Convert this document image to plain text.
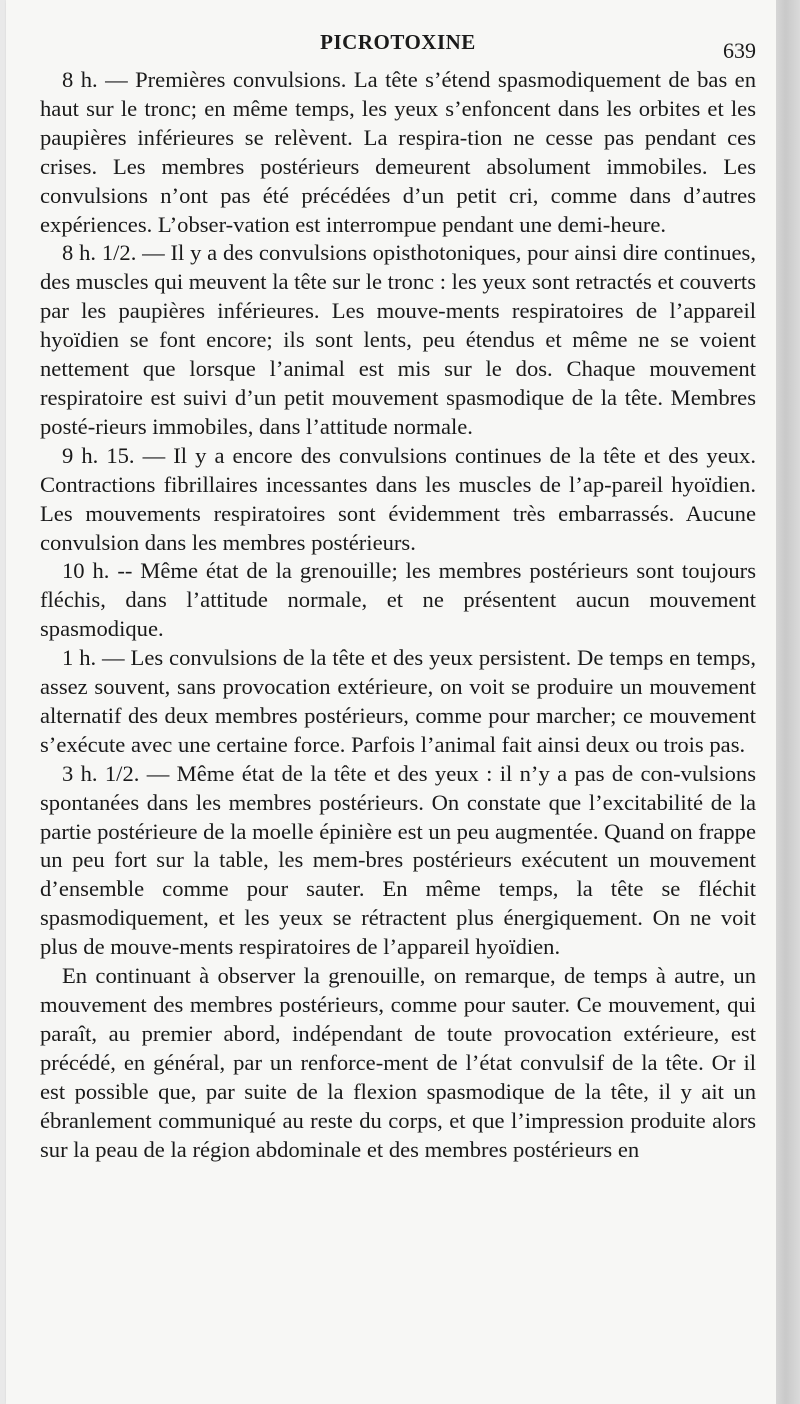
PICROTOXINE	639

8 h. — Premières convulsions. La tête s’étend spasmodiquement de bas en haut sur le tronc; en même temps, les yeux s’enfoncent dans les orbites et les paupières inférieures se relèvent. La respira-tion ne cesse pas pendant ces crises. Les membres postérieurs demeurent absolument immobiles. Les convulsions n’ont pas été précédées d’un petit cri, comme dans d’autres expériences. L’obser-vation est interrompue pendant une demi-heure.

8 h. 1/2. — Il y a des convulsions opisthotoniques, pour ainsi dire continues, des muscles qui meuvent la tête sur le tronc : les yeux sont retractés et couverts par les paupières inférieures. Les mouve-ments respiratoires de l’appareil hyoïdien se font encore; ils sont lents, peu étendus et même ne se voient nettement que lorsque l’animal est mis sur le dos. Chaque mouvement respiratoire est suivi d’un petit mouvement spasmodique de la tête. Membres posté-rieurs immobiles, dans l’attitude normale.

9 h. 15. — Il y a encore des convulsions continues de la tête et des yeux. Contractions fibrillaires incessantes dans les muscles de l’ap-pareil hyoïdien. Les mouvements respiratoires sont évidemment très embarrassés. Aucune convulsion dans les membres postérieurs.

10 h. -- Même état de la grenouille; les membres postérieurs sont toujours fléchis, dans l’attitude normale, et ne présentent aucun mouvement spasmodique.

1 h. — Les convulsions de la tête et des yeux persistent. De temps en temps, assez souvent, sans provocation extérieure, on voit se produire un mouvement alternatif des deux membres postérieurs, comme pour marcher; ce mouvement s’exécute avec une certaine force. Parfois l’animal fait ainsi deux ou trois pas.

3 h. 1/2. — Même état de la tête et des yeux : il n’y a pas de con-vulsions spontanées dans les membres postérieurs. On constate que l’excitabilité de la partie postérieure de la moelle épinière est un peu augmentée. Quand on frappe un peu fort sur la table, les mem-bres postérieurs exécutent un mouvement d’ensemble comme pour sauter. En même temps, la tête se fléchit spasmodiquement, et les yeux se rétractent plus énergiquement. On ne voit plus de mouve-ments respiratoires de l’appareil hyoïdien.

En continuant à observer la grenouille, on remarque, de temps à autre, un mouvement des membres postérieurs, comme pour sauter. Ce mouvement, qui paraît, au premier abord, indépendant de toute provocation extérieure, est précédé, en général, par un renforce-ment de l’état convulsif de la tête. Or il est possible que, par suite de la flexion spasmodique de la tête, il y ait un ébranlement communiqué au reste du corps, et que l’impression produite alors sur la peau de la région abdominale et des membres postérieurs en
